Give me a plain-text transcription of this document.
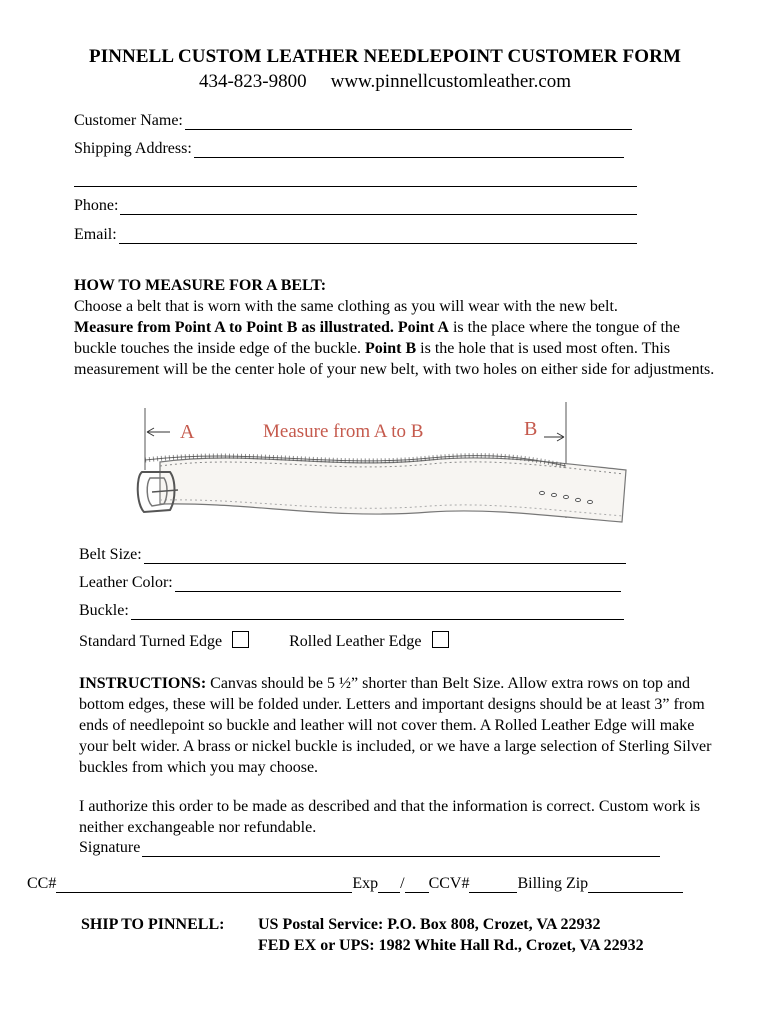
PINNELL CUSTOM LEATHER NEEDLEPOINT CUSTOMER FORM
434-823-9800 www.pinnellcustomleather.com
Customer Name:
Shipping Address:
Phone:
Email:
HOW TO MEASURE FOR A BELT:
Choose a belt that is worn with the same clothing as you will wear with the new belt.
Measure from Point A to Point B as illustrated. Point A is the place where the tongue of the buckle touches the inside edge of the buckle. Point B is the hole that is used most often. This measurement will be the center hole of your new belt, with two holes on either side for adjustments.
A	Measure from A to B	B
Belt Size:
Leather Color:
Buckle:
Standard Turned Edge	Rolled Leather Edge
INSTRUCTIONS: Canvas should be 5 ½” shorter than Belt Size. Allow extra rows on top and bottom edges, these will be folded under. Letters and important designs should be at least 3” from ends of needlepoint so buckle and leather will not cover them. A Rolled Leather Edge will make your belt wider. A brass or nickel buckle is included, or we have a large selection of Sterling Silver buckles from which you may choose.
I authorize this order to be made as described and that the information is correct. Custom work is neither exchangeable nor refundable.
Signature
CC#	Exp / CCV#	Billing Zip
SHIP TO PINNELL: US Postal Service: P.O. Box 808, Crozet, VA 22932
FED EX or UPS: 1982 White Hall Rd., Crozet, VA 22932
